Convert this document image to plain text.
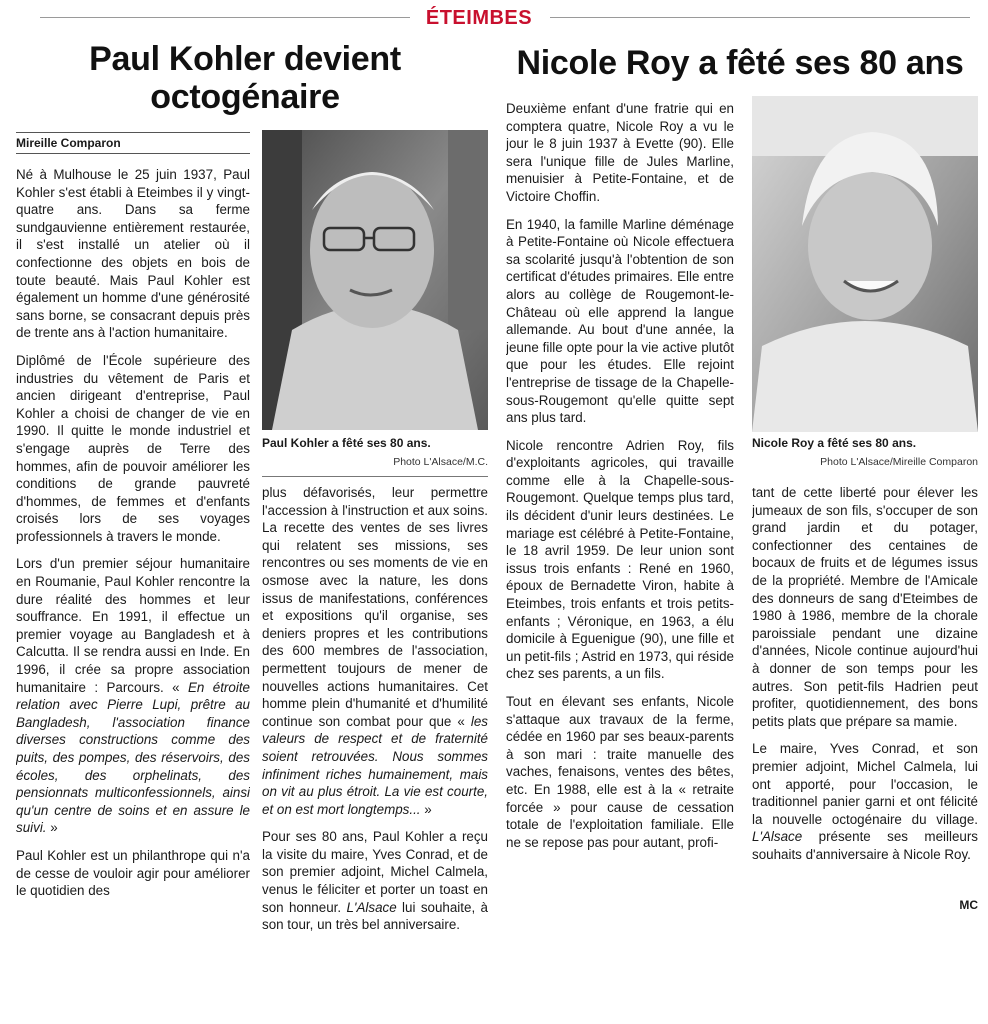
ÉTEIMBES
Paul Kohler devient
octogénaire
Nicole Roy a fêté ses 80 ans
Mireille Comparon

Né à Mulhouse le 25 juin 1937, Paul Kohler s'est établi à Eteimbes il y vingt-quatre ans. Dans sa ferme sundgauvienne entièrement restaurée, il s'est installé un atelier où il confectionne des objets en bois de toute beauté. Mais Paul Kohler est également un homme d'une générosité sans borne, se consacrant depuis près de trente ans à l'action humanitaire.

Diplômé de l'École supérieure des industries du vêtement de Paris et ancien dirigeant d'entreprise, Paul Kohler a choisi de changer de vie en 1990. Il quitte le monde industriel et s'engage auprès de Terre des hommes, afin de pouvoir améliorer les conditions de grande pauvreté d'hommes, de femmes et d'enfants croisés lors de ses voyages professionnels à travers le monde.

Lors d'un premier séjour humanitaire en Roumanie, Paul Kohler rencontre la dure réalité des hommes et leur souffrance. En 1991, il effectue un premier voyage au Bangladesh et à Calcutta. Il se rendra aussi en Inde. En 1996, il crée sa propre association humanitaire : Parcours. « En étroite relation avec Pierre Lupi, prêtre au Bangladesh, l'association finance diverses constructions comme des puits, des pompes, des réservoirs, des écoles, des orphelinats, des pensionnats multiconfessionnels, ainsi qu'un centre de soins et en assure le suivi. »

Paul Kohler est un philanthrope qui n'a de cesse de vouloir agir pour améliorer le quotidien des

Paul Kohler a fêté ses 80 ans.
Photo L'Alsace/M.C.

plus défavorisés, leur permettre l'accession à l'instruction et aux soins. La recette des ventes de ses livres qui relatent ses missions, ses rencontres ou ses moments de vie en osmose avec la nature, les dons issus de manifestations, conférences et expositions qu'il organise, ses deniers propres et les contributions des 600 membres de l'association, permettent toujours de mener de nouvelles actions humanitaires. Cet homme plein d'humanité et d'humilité continue son combat pour que « les valeurs de respect et de fraternité soient retrouvées. Nous sommes infiniment riches humainement, mais on vit au plus étroit. La vie est courte, et on est mort longtemps... »

Pour ses 80 ans, Paul Kohler a reçu la visite du maire, Yves Conrad, et de son premier adjoint, Michel Calmela, venus le féliciter et porter un toast en son honneur. L'Alsace lui souhaite, à son tour, un très bel anniversaire.

Deuxième enfant d'une fratrie qui en comptera quatre, Nicole Roy a vu le jour le 8 juin 1937 à Evette (90). Elle sera l'unique fille de Jules Marline, menuisier à Petite-Fontaine, et de Victoire Choffin.

En 1940, la famille Marline déménage à Petite-Fontaine où Nicole effectuera sa scolarité jusqu'à l'obtention de son certificat d'études primaires. Elle entre alors au collège de Rougemont-le-Château où elle apprend la langue allemande. Au bout d'une année, la jeune fille opte pour la vie active plutôt que pour les études. Elle rejoint l'entreprise de tissage de la Chapelle-sous-Rougemont qu'elle quitte sept ans plus tard.

Nicole rencontre Adrien Roy, fils d'exploitants agricoles, qui travaille comme elle à la Chapelle-sous-Rougemont. Quelque temps plus tard, ils décident d'unir leurs destinées. Le mariage est célébré à Petite-Fontaine, le 18 avril 1959. De leur union sont issus trois enfants : René en 1960, époux de Bernadette Viron, habite à Eteimbes, trois enfants et trois petits-enfants ; Véronique, en 1963, a élu domicile à Eguenigue (90), une fille et un petit-fils ; Astrid en 1973, qui réside chez ses parents, a un fils.

Tout en élevant ses enfants, Nicole s'attaque aux travaux de la ferme, cédée en 1960 par ses beaux-parents à son mari : traite manuelle des vaches, fenaisons, ventes des bêtes, etc. En 1988, elle est à la « retraite forcée » pour cause de cessation totale de l'exploitation familiale. Elle ne se repose pas pour autant, profi-

Nicole Roy a fêté ses 80 ans.
Photo L'Alsace/Mireille Comparon

tant de cette liberté pour élever les jumeaux de son fils, s'occuper de son grand jardin et du potager, confectionner des centaines de bocaux de fruits et de légumes issus de la propriété. Membre de l'Amicale des donneurs de sang d'Eteimbes de 1980 à 1986, membre de la chorale paroissiale pendant une dizaine d'années, Nicole continue aujourd'hui à donner de son temps pour les autres. Son petit-fils Hadrien peut profiter, quotidiennement, des bons petits plats que prépare sa mamie.

Le maire, Yves Conrad, et son premier adjoint, Michel Calmela, lui ont apporté, pour l'occasion, le traditionnel panier garni et ont félicité la nouvelle octogénaire du village. L'Alsace présente ses meilleurs souhaits d'anniversaire à Nicole Roy.

MC
